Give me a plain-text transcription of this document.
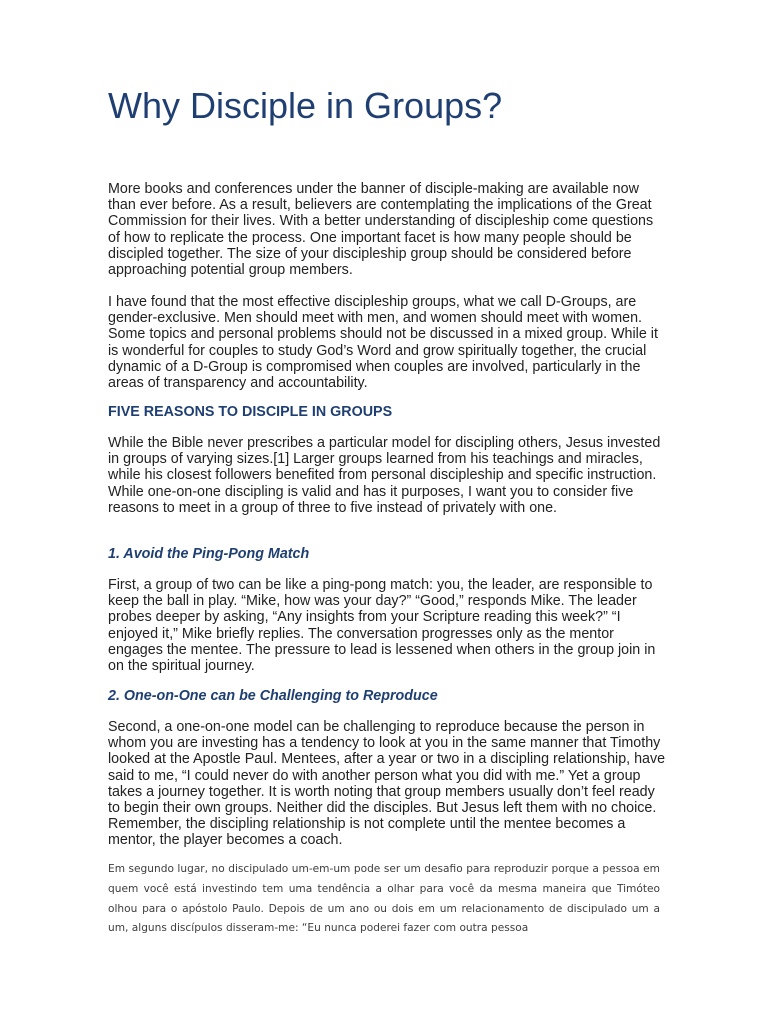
Why Disciple in Groups?

More books and conferences under the banner of disciple-making are available now than ever before. As a result, believers are contemplating the implications of the Great Commission for their lives. With a better understanding of discipleship come questions of how to replicate the process. One important facet is how many people should be discipled together. The size of your discipleship group should be considered before approaching potential group members.

I have found that the most effective discipleship groups, what we call D-Groups, are gender-exclusive. Men should meet with men, and women should meet with women. Some topics and personal problems should not be discussed in a mixed group. While it is wonderful for couples to study God’s Word and grow spiritually together, the crucial dynamic of a D-Group is compromised when couples are involved, particularly in the areas of transparency and accountability.

FIVE REASONS TO DISCIPLE IN GROUPS

While the Bible never prescribes a particular model for discipling others, Jesus invested in groups of varying sizes.[1] Larger groups learned from his teachings and miracles, while his closest followers benefited from personal discipleship and specific instruction. While one-on-one discipling is valid and has it purposes, I want you to consider five reasons to meet in a group of three to five instead of privately with one.

1. Avoid the Ping-Pong Match

First, a group of two can be like a ping-pong match: you, the leader, are responsible to keep the ball in play. “Mike, how was your day?” “Good,” responds Mike. The leader probes deeper by asking, “Any insights from your Scripture reading this week?” “I enjoyed it,” Mike briefly replies. The conversation progresses only as the mentor engages the mentee. The pressure to lead is lessened when others in the group join in on the spiritual journey.

2. One-on-One can be Challenging to Reproduce

Second, a one-on-one model can be challenging to reproduce because the person in whom you are investing has a tendency to look at you in the same manner that Timothy looked at the Apostle Paul. Mentees, after a year or two in a discipling relationship, have said to me, “I could never do with another person what you did with me.” Yet a group takes a journey together. It is worth noting that group members usually don’t feel ready to begin their own groups. Neither did the disciples. But Jesus left them with no choice. Remember, the discipling relationship is not complete until the mentee becomes a mentor, the player becomes a coach.

Em segundo lugar, no discipulado um-em-um pode ser um desafio para reproduzir porque a pessoa em quem você está investindo tem uma tendência a olhar para você da mesma maneira que Timóteo olhou para o apóstolo Paulo. Depois de um ano ou dois em um relacionamento de discipulado um a um, alguns discípulos disseram-me: “Eu nunca poderei fazer com outra pessoa
